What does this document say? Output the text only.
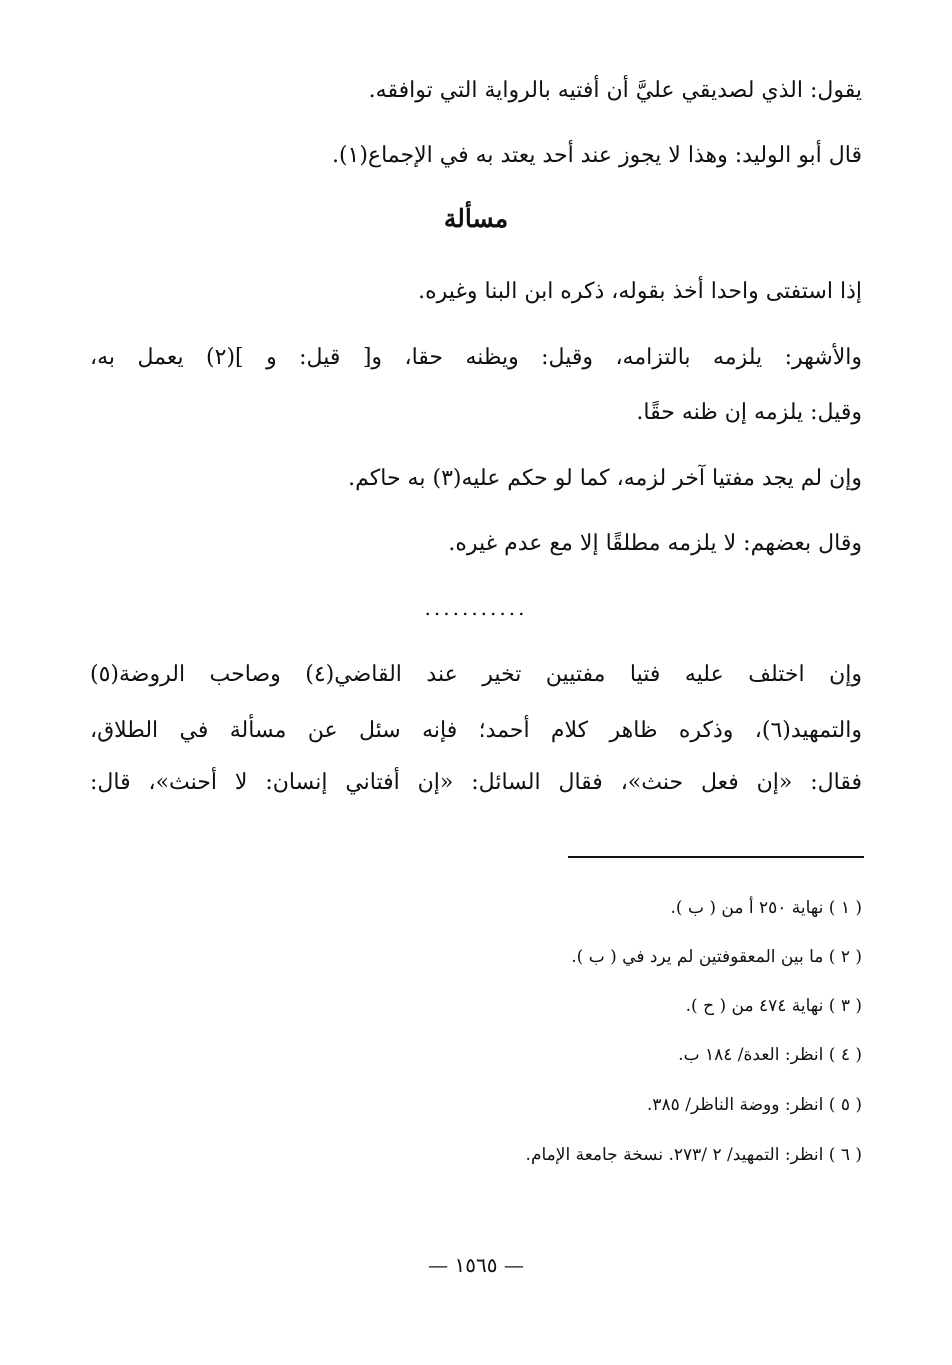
يقول: الذي لصديقي عليَّ أن أفتيه بالرواية التي توافقه.
قال أبو الوليد: وهذا لا يجوز عند أحد يعتد به في الإجماع(١).
مسألة
إذا استفتى واحدا أخذ بقوله، ذكره ابن البنا وغيره.
والأشهر: يلزمه بالتزامه، وقيل: ويظنه حقا، و[ قيل: و ](٢) يعمل به،
وقيل: يلزمه إن ظنه حقًا.
وإن لم يجد مفتيا آخر لزمه، كما لو حكم عليه(٣) به حاكم.
وقال بعضهم: لا يلزمه مطلقًا إلا مع عدم غيره.
...........
وإن اختلف عليه فتيا مفتيين تخير عند القاضي(٤) وصاحب الروضة(٥)
والتمهيد(٦)، وذكره ظاهر كلام أحمد؛ فإنه سئل عن مسألة في الطلاق،
فقال: «إن فعل حنث»، فقال السائل: «إن أفتاني إنسان: لا أحنث»، قال:
( ١ ) نهاية ٢٥٠ أ من ( ب ).
( ٢ ) ما بين المعقوفتين لم يرد في ( ب ).
( ٣ ) نهاية ٤٧٤ من ( ح ).
( ٤ ) انظر: العدة/ ١٨٤ ب.
( ٥ ) انظر: ووضة الناظر/ ٣٨٥.
( ٦ ) انظر: التمهيد/ ٢ /٢٧٣. نسخة جامعة الإمام.
— ١٥٦٥ —
